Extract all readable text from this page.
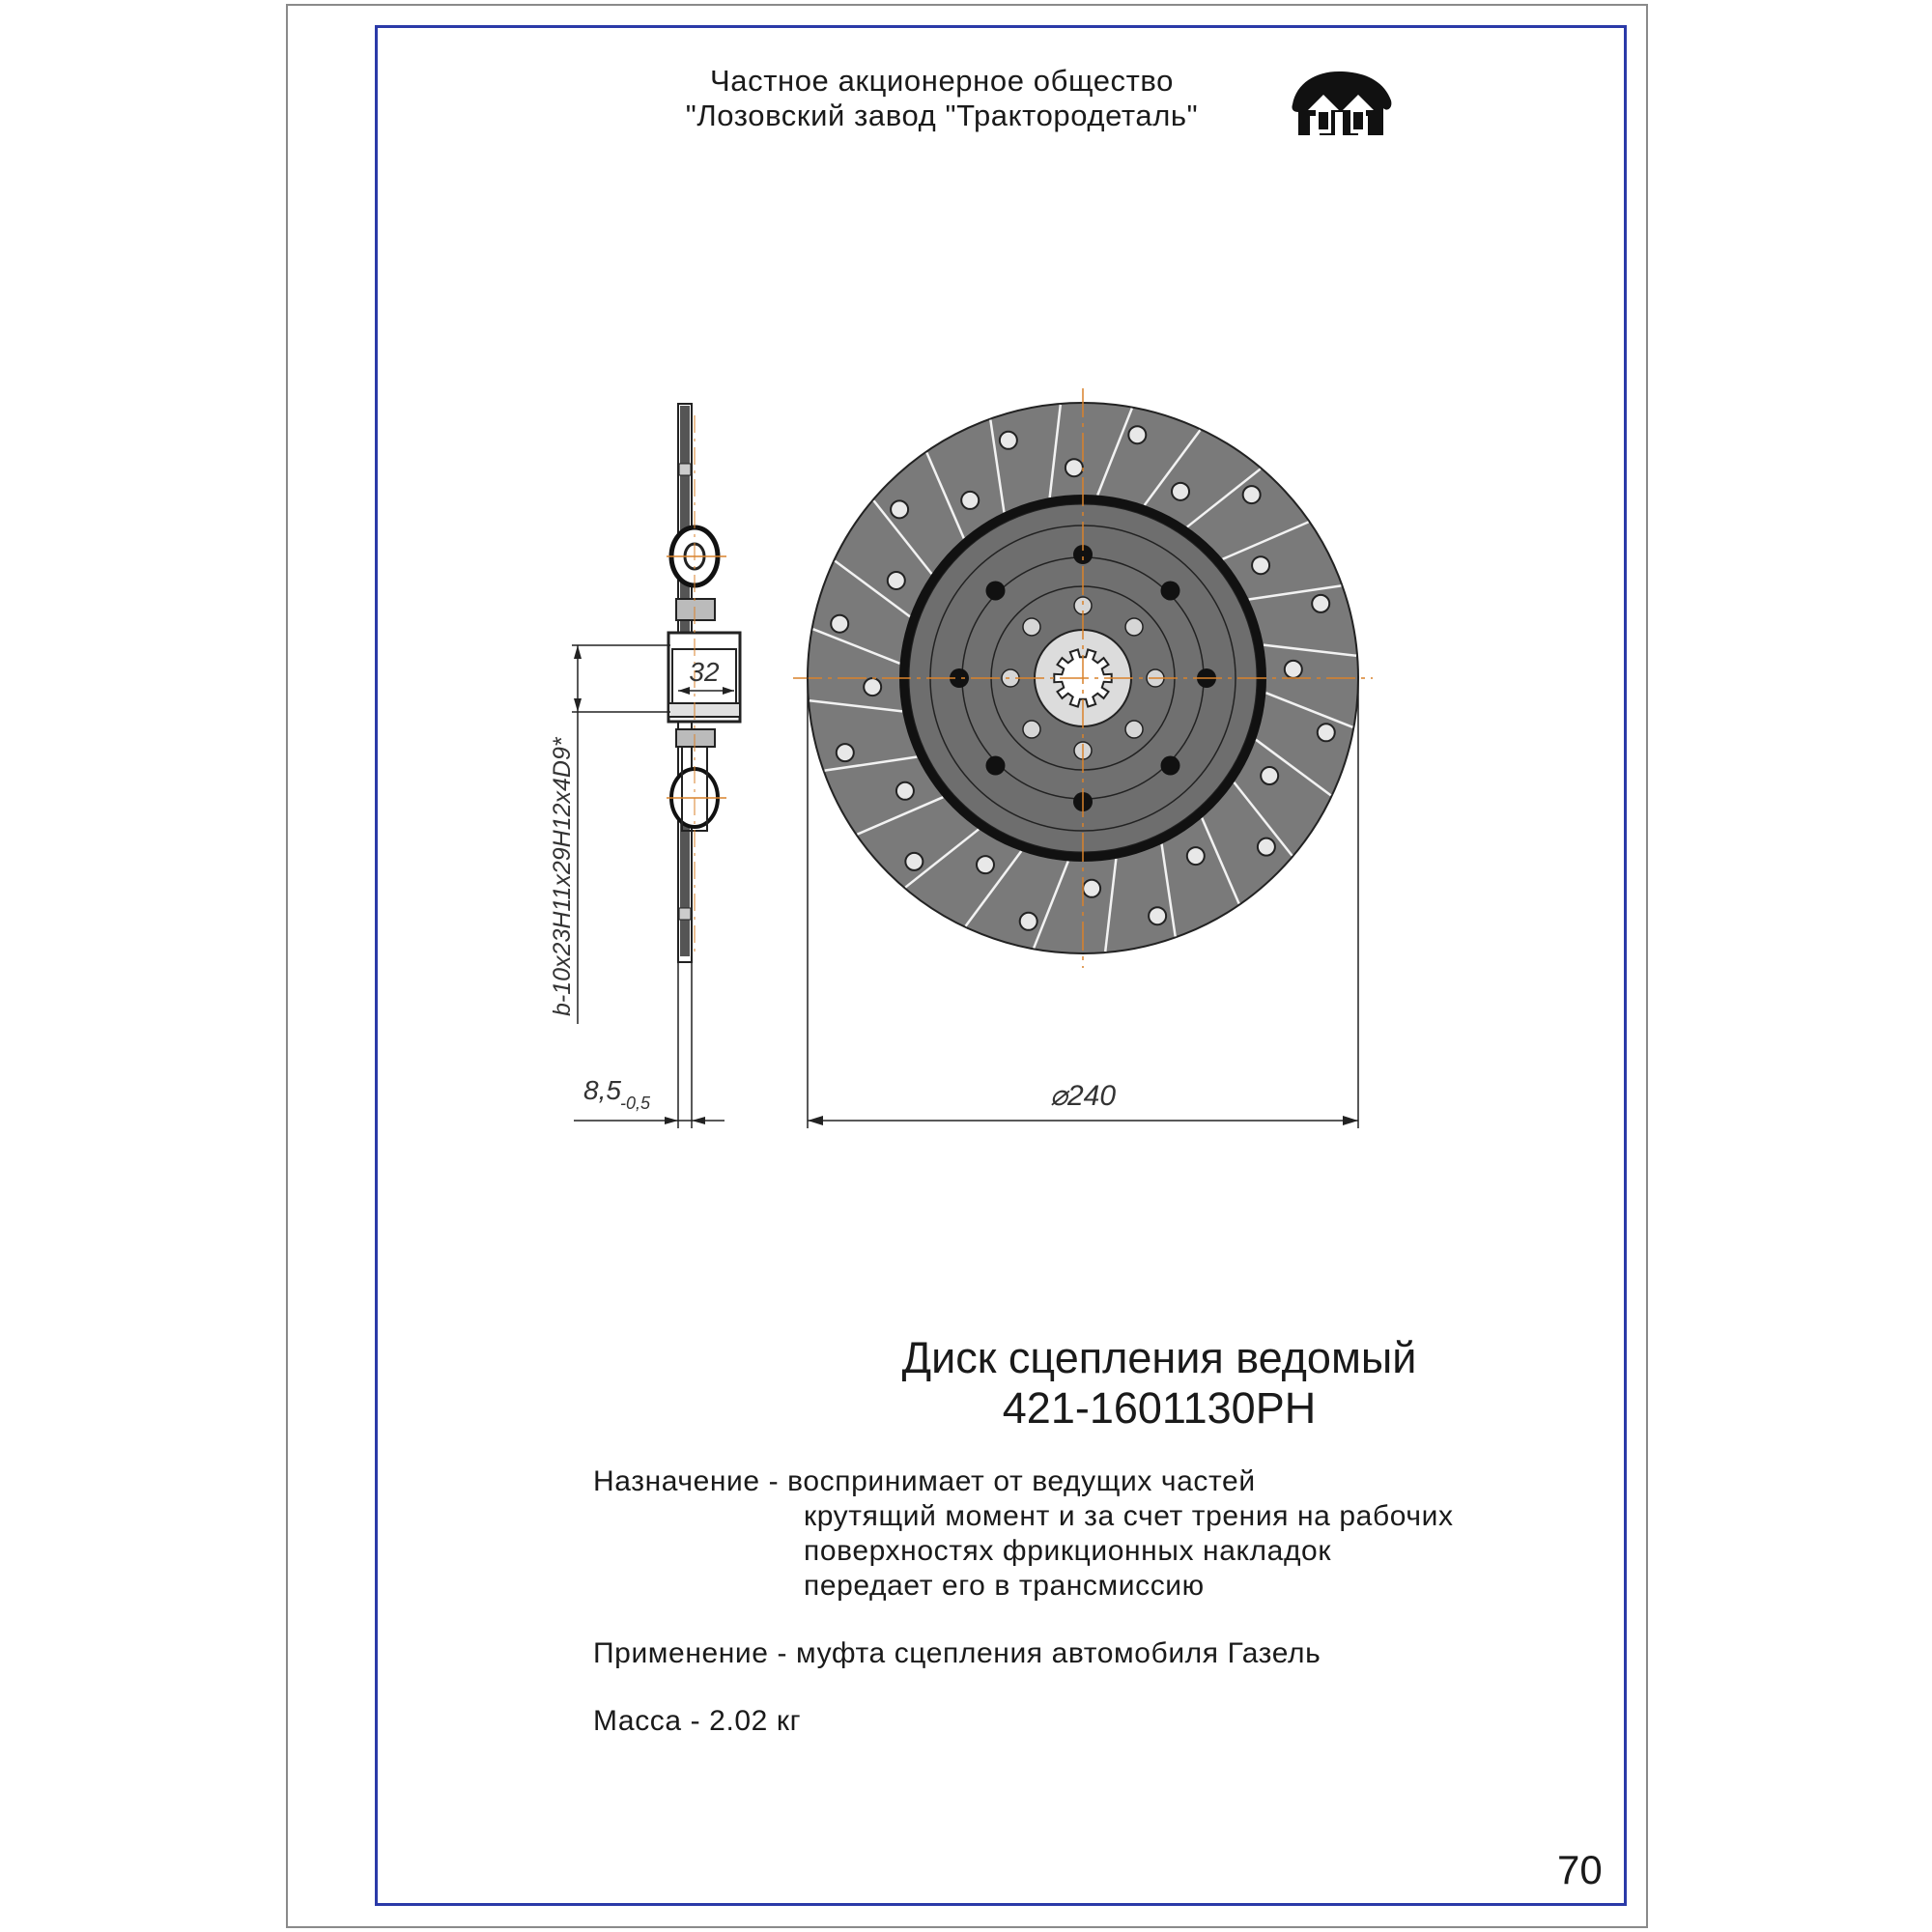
Частное акционерное общество
"Лозовский завод "Трактородеталь"
32
b-10x23H11x29H12x4D9*
8,5 -0,5	⌀240
Диск сцепления ведомый
421-1601130PH
Назначение - воспринимает от ведущих частей
крутящий момент и за счет трения на рабочих
поверхностях фрикционных накладок
передает его в трансмиссию
Применение - муфта сцепления автомобиля Газель
Масса - 2.02 кг
70
